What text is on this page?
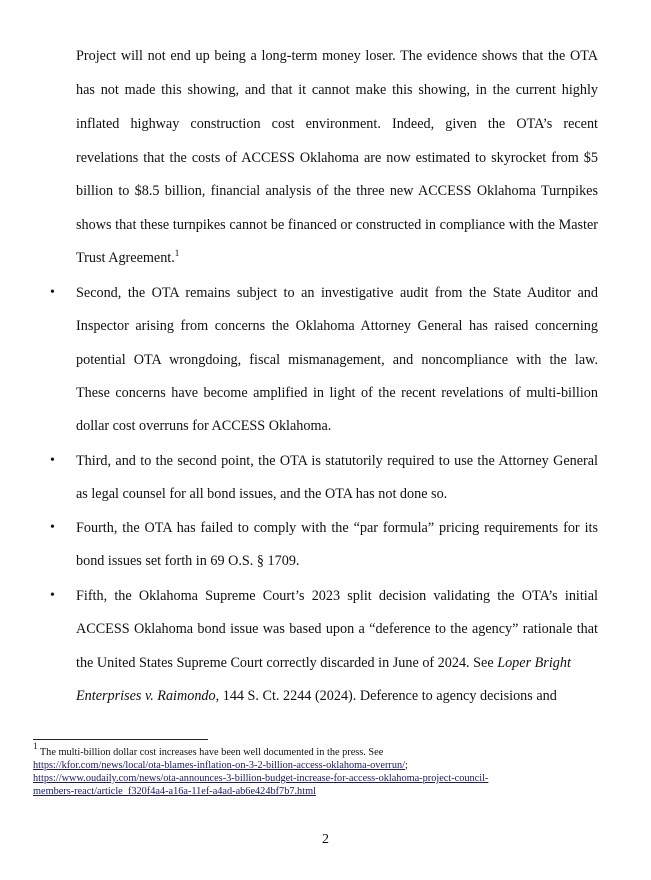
Project will not end up being a long-term money loser. The evidence shows that the OTA
has not made this showing, and that it cannot make this showing, in the current highly
inflated highway construction cost environment. Indeed, given the OTA’s recent
revelations that the costs of ACCESS Oklahoma are now estimated to skyrocket from $5
billion to $8.5 billion, financial analysis of the three new ACCESS Oklahoma Turnpikes
shows that these turnpikes cannot be financed or constructed in compliance with the Master
Trust Agreement.$^1$
•	Second, the OTA remains subject to an investigative audit from the State Auditor and
Inspector arising from concerns the Oklahoma Attorney General has raised concerning
potential OTA wrongdoing, fiscal mismanagement, and noncompliance with the law.
These concerns have become amplified in light of the recent revelations of multi-billion
dollar cost overruns for ACCESS Oklahoma.
•	Third, and to the second point, the OTA is statutorily required to use the Attorney General
as legal counsel for all bond issues, and the OTA has not done so.
•	Fourth, the OTA has failed to comply with the “par formula” pricing requirements for its
bond issues set forth in 69 O.S. § 1709.
•	Fifth, the Oklahoma Supreme Court’s 2023 split decision validating the OTA’s initial
ACCESS Oklahoma bond issue was based upon a “deference to the agency” rationale that
the United States Supreme Court correctly discarded in June of 2024. See Loper Bright
Enterprises v. Raimondo, 144 S. Ct. 2244 (2024). Deference to agency decisions and
$^1$ The multi-billion dollar cost increases have been well documented in the press. See
https://kfor.com/news/local/ota-blames-inflation-on-3-2-billion-access-oklahoma-overrun/;
https://www.oudaily.com/news/ota-announces-3-billion-budget-increase-for-access-oklahoma-project-council-
members-react/article_f320f4a4-a16a-11ef-a4ad-ab6e424bf7b7.html
2
